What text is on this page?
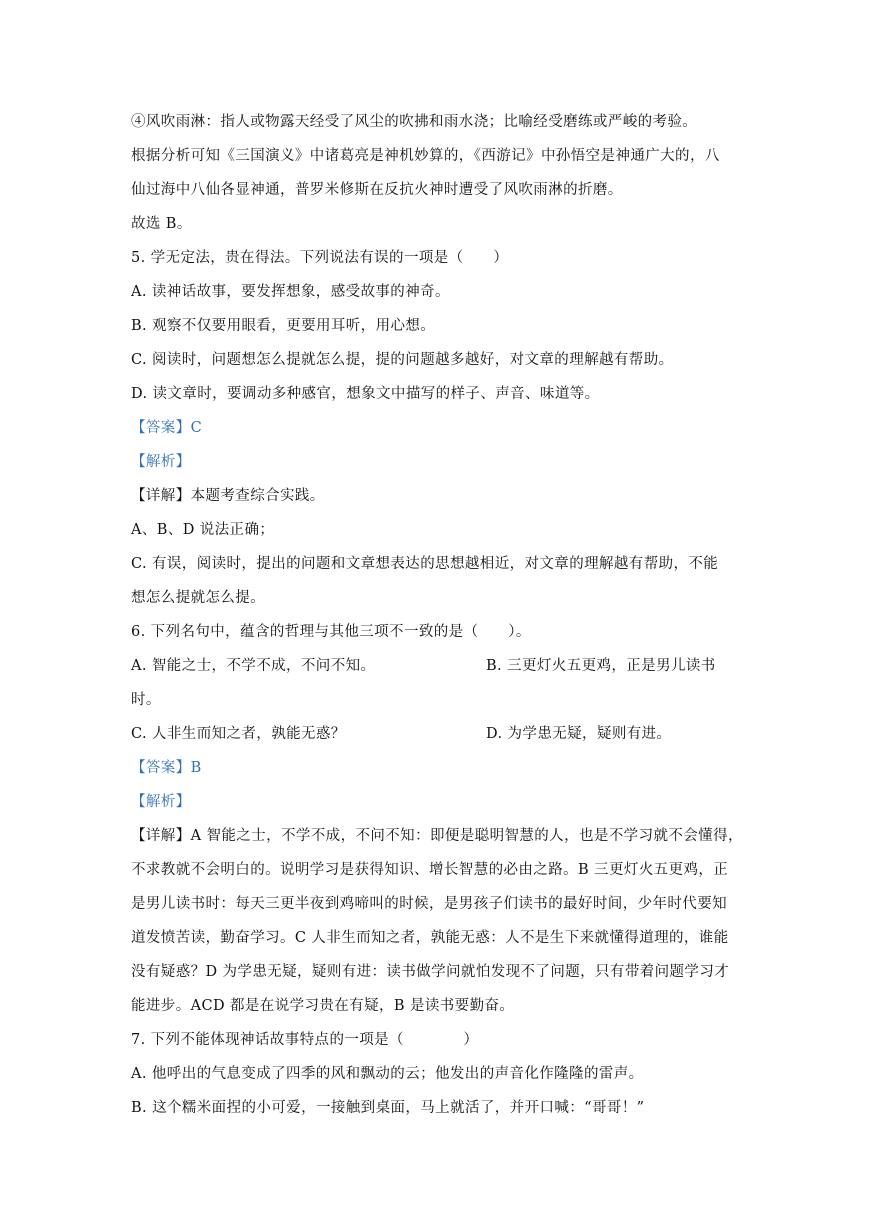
④风吹雨淋：指人或物露天经受了风尘的吹拂和雨水浇；比喻经受磨练或严峻的考验。
根据分析可知《三国演义》中诸葛亮是神机妙算的，《西游记》中孙悟空是神通广大的，八
仙过海中八仙各显神通，普罗米修斯在反抗火神时遭受了风吹雨淋的折磨。
故选 B。
5. 学无定法，贵在得法。下列说法有误的一项是（　　）
A. 读神话故事，要发挥想象，感受故事的神奇。
B. 观察不仅要用眼看，更要用耳听，用心想。
C. 阅读时，问题想怎么提就怎么提，提的问题越多越好，对文章的理解越有帮助。
D. 读文章时，要调动多种感官，想象文中描写的样子、声音、味道等。
【答案】C
【解析】
【详解】本题考查综合实践。
A、B、D 说法正确；
C. 有误，阅读时，提出的问题和文章想表达的思想越相近，对文章的理解越有帮助，不能
想怎么提就怎么提。
6. 下列名句中，蕴含的哲理与其他三项不一致的是（　　）。
A. 智能之士，不学不成，不问不知。	B. 三更灯火五更鸡，正是男儿读书
时。
C. 人非生而知之者，孰能无惑？	D. 为学患无疑，疑则有进。
【答案】B
【解析】
【详解】A 智能之士，不学不成，不问不知：即便是聪明智慧的人，也是不学习就不会懂得，
不求教就不会明白的。说明学习是获得知识、增长智慧的必由之路。B 三更灯火五更鸡，正
是男儿读书时：每天三更半夜到鸡啼叫的时候，是男孩子们读书的最好时间，少年时代要知
道发愤苦读，勤奋学习。C 人非生而知之者，孰能无惑：人不是生下来就懂得道理的，谁能
没有疑惑？D 为学患无疑，疑则有进：读书做学问就怕发现不了问题，只有带着问题学习才
能进步。ACD 都是在说学习贵在有疑，B 是读书要勤奋。
7. 下列不能体现神话故事特点的一项是（　　　　）
A. 他呼出的气息变成了四季的风和飘动的云；他发出的声音化作隆隆的雷声。
B. 这个糯米面捏的小可爱，一接触到桌面，马上就活了，并开口喊：“哥哥！”
